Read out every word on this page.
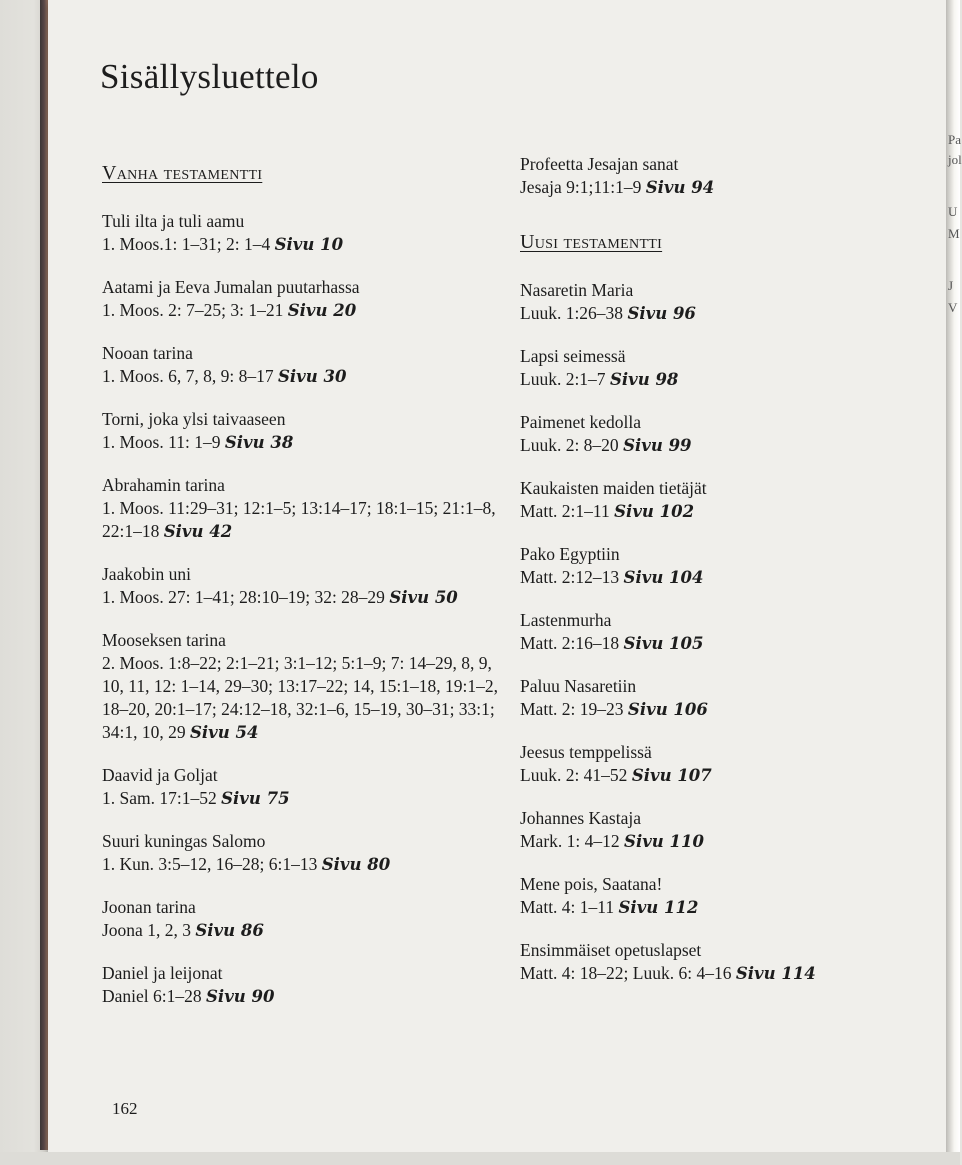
Pa
jol
U
M
J
V
Sisällysluettelo
Vanha testamentti
Tuli ilta ja tuli aamu
1. Moos.1: 1–31; 2: 1–4 Sivu 10
Aatami ja Eeva Jumalan puutarhassa
1. Moos. 2: 7–25; 3: 1–21 Sivu 20
Nooan tarina
1. Moos. 6, 7, 8, 9: 8–17 Sivu 30
Torni, joka ylsi taivaaseen
1. Moos. 11: 1–9 Sivu 38
Abrahamin tarina
1. Moos. 11:29–31; 12:1–5; 13:14–17; 18:1–15; 21:1–8, 22:1–18 Sivu 42
Jaakobin uni
1. Moos. 27: 1–41; 28:10–19; 32: 28–29 Sivu 50
Mooseksen tarina
2. Moos. 1:8–22; 2:1–21; 3:1–12; 5:1–9; 7: 14–29, 8, 9, 10, 11, 12: 1–14, 29–30; 13:17–22; 14, 15:1–18, 19:1–2, 18–20, 20:1–17; 24:12–18, 32:1–6, 15–19, 30–31; 33:1; 34:1, 10, 29 Sivu 54
Daavid ja Goljat
1. Sam. 17:1–52 Sivu 75
Suuri kuningas Salomo
1. Kun. 3:5–12, 16–28; 6:1–13 Sivu 80
Joonan tarina
Joona 1, 2, 3 Sivu 86
Daniel ja leijonat
Daniel 6:1–28 Sivu 90
Profeetta Jesajan sanat
Jesaja 9:1;11:1–9 Sivu 94
Uusi testamentti
Nasaretin Maria
Luuk. 1:26–38 Sivu 96
Lapsi seimessä
Luuk. 2:1–7 Sivu 98
Paimenet kedolla
Luuk. 2: 8–20 Sivu 99
Kaukaisten maiden tietäjät
Matt. 2:1–11 Sivu 102
Pako Egyptiin
Matt. 2:12–13 Sivu 104
Lastenmurha
Matt. 2:16–18 Sivu 105
Paluu Nasaretiin
Matt. 2: 19–23 Sivu 106
Jeesus temppelissä
Luuk. 2: 41–52 Sivu 107
Johannes Kastaja
Mark. 1: 4–12 Sivu 110
Mene pois, Saatana!
Matt. 4: 1–11 Sivu 112
Ensimmäiset opetuslapset
Matt. 4: 18–22; Luuk. 6: 4–16 Sivu 114
162
